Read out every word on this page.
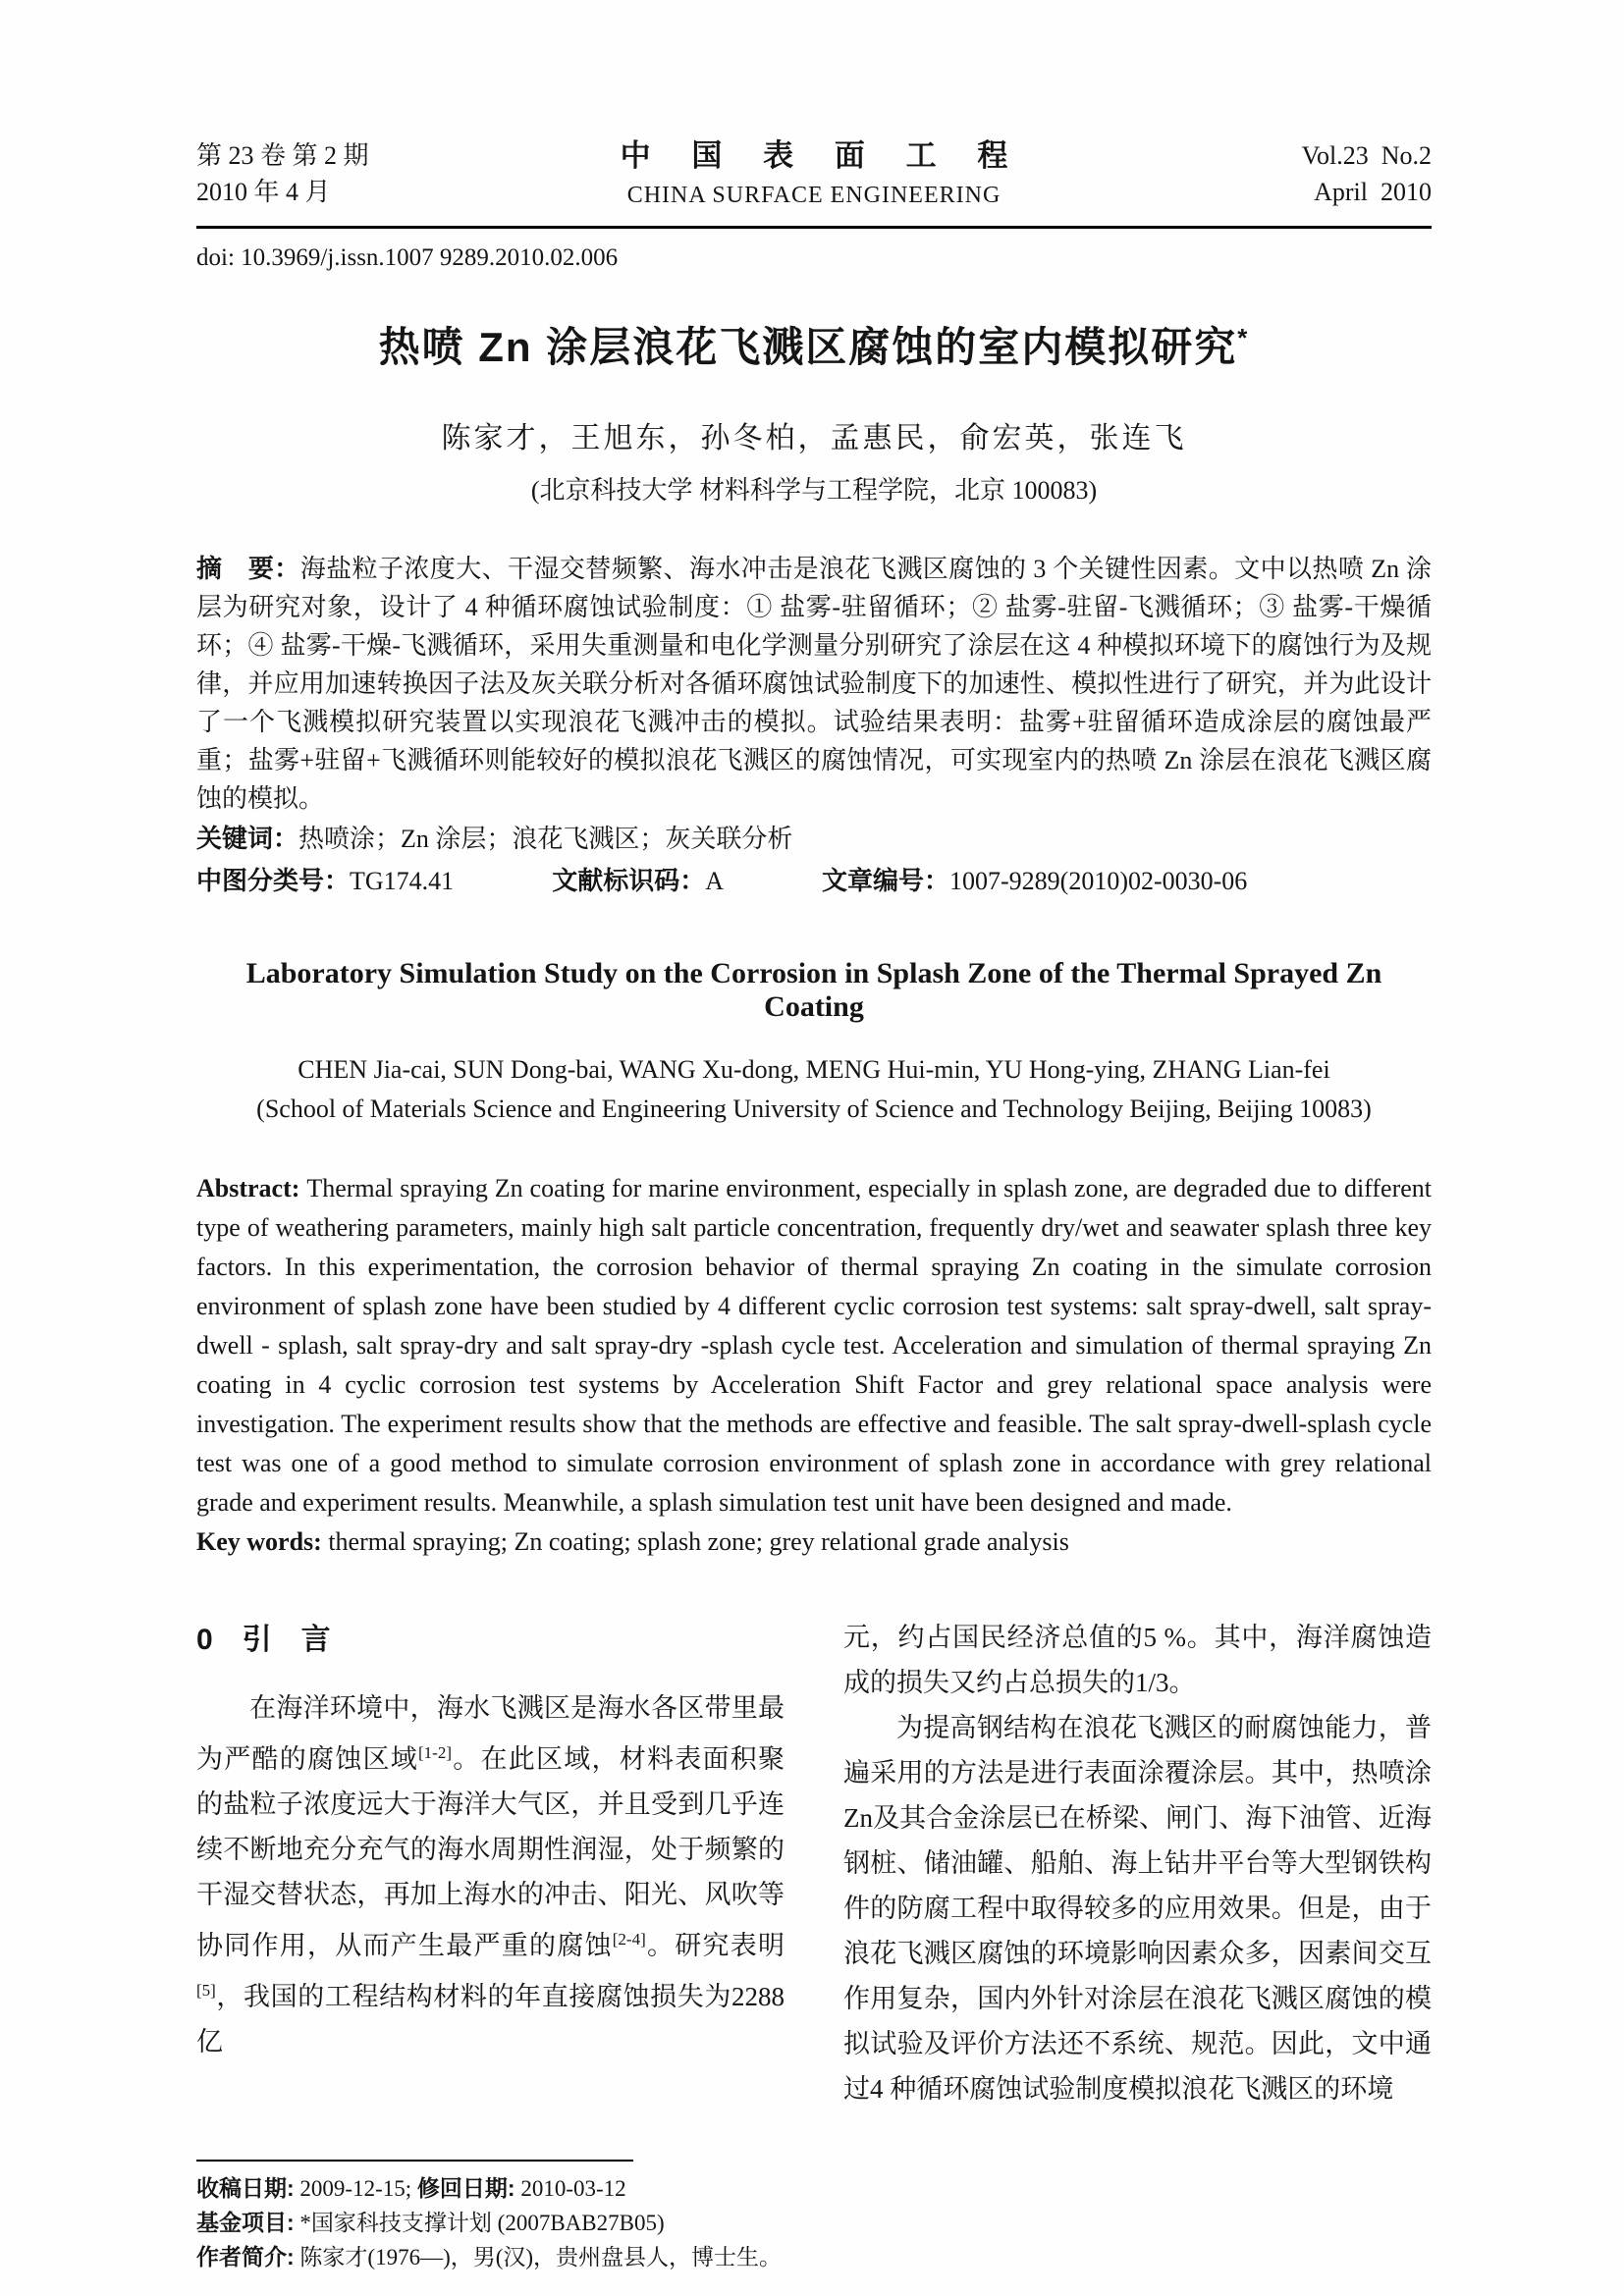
第 23 卷 第 2 期
2010 年 4 月
中 国 表 面 工 程
CHINA SURFACE ENGINEERING
Vol.23  No.2
April  2010
doi: 10.3969/j.issn.1007 9289.2010.02.006
热喷 Zn 涂层浪花飞溅区腐蚀的室内模拟研究*
陈家才，王旭东，孙冬柏，孟惠民，俞宏英，张连飞
(北京科技大学 材料科学与工程学院，北京 100083)

摘　要：海盐粒子浓度大、干湿交替频繁、海水冲击是浪花飞溅区腐蚀的 3 个关键性因素。文中以热喷 Zn 涂层为研究对象，设计了 4 种循环腐蚀试验制度：① 盐雾-驻留循环；② 盐雾-驻留-飞溅循环；③ 盐雾-干燥循环；④ 盐雾-干燥-飞溅循环，采用失重测量和电化学测量分别研究了涂层在这 4 种模拟环境下的腐蚀行为及规律，并应用加速转换因子法及灰关联分析对各循环腐蚀试验制度下的加速性、模拟性进行了研究，并为此设计了一个飞溅模拟研究装置以实现浪花飞溅冲击的模拟。试验结果表明：盐雾+驻留循环造成涂层的腐蚀最严重；盐雾+驻留+飞溅循环则能较好的模拟浪花飞溅区的腐蚀情况，可实现室内的热喷 Zn 涂层在浪花飞溅区腐蚀的模拟。

关键词：热喷涂；Zn 涂层；浪花飞溅区；灰关联分析

中图分类号：TG174.41	文献标识码：A	文章编号：1007-9289(2010)02-0030-06
Laboratory Simulation Study on the Corrosion in Splash Zone of the Thermal Sprayed Zn Coating
CHEN Jia-cai, SUN Dong-bai, WANG Xu-dong, MENG Hui-min, YU Hong-ying, ZHANG Lian-fei
(School of Materials Science and Engineering University of Science and Technology Beijing, Beijing 10083)

Abstract: Thermal spraying Zn coating for marine environment, especially in splash zone, are degraded due to different type of weathering parameters, mainly high salt particle concentration, frequently dry/wet and seawater splash three key factors. In this experimentation, the corrosion behavior of thermal spraying Zn coating in the simulate corrosion environment of splash zone have been studied by 4 different cyclic corrosion test systems: salt spray-dwell, salt spray-dwell - splash, salt spray-dry and salt spray-dry -splash cycle test. Acceleration and simulation of thermal spraying Zn coating in 4 cyclic corrosion test systems by Acceleration Shift Factor and grey relational space analysis were investigation. The experiment results show that the methods are effective and feasible. The salt spray-dwell-splash cycle test was one of a good method to simulate corrosion environment of splash zone in accordance with grey relational grade and experiment results. Meanwhile, a splash simulation test unit have been designed and made.

Key words: thermal spraying; Zn coating; splash zone; grey relational grade analysis

0　引　言

在海洋环境中，海水飞溅区是海水各区带里最为严酷的腐蚀区域[1-2]。在此区域，材料表面积聚的盐粒子浓度远大于海洋大气区，并且受到几乎连续不断地充分充气的海水周期性润湿，处于频繁的干湿交替状态，再加上海水的冲击、阳光、风吹等协同作用，从而产生最严重的腐蚀[2-4]。研究表明[5]，我国的工程结构材料的年直接腐蚀损失为2288亿

收稿日期: 2009-12-15; 修回日期: 2010-03-12
基金项目: *国家科技支撑计划 (2007BAB27B05)
作者简介: 陈家才(1976—)，男(汉)，贵州盘县人，博士生。

元，约占国民经济总值的5 %。其中，海洋腐蚀造成的损失又约占总损失的1/3。

为提高钢结构在浪花飞溅区的耐腐蚀能力，普遍采用的方法是进行表面涂覆涂层。其中，热喷涂Zn及其合金涂层已在桥梁、闸门、海下油管、近海钢桩、储油罐、船舶、海上钻井平台等大型钢铁构件的防腐工程中取得较多的应用效果。但是，由于浪花飞溅区腐蚀的环境影响因素众多，因素间交互作用复杂，国内外针对涂层在浪花飞溅区腐蚀的模拟试验及评价方法还不系统、规范。因此，文中通过4 种循环腐蚀试验制度模拟浪花飞溅区的环境
